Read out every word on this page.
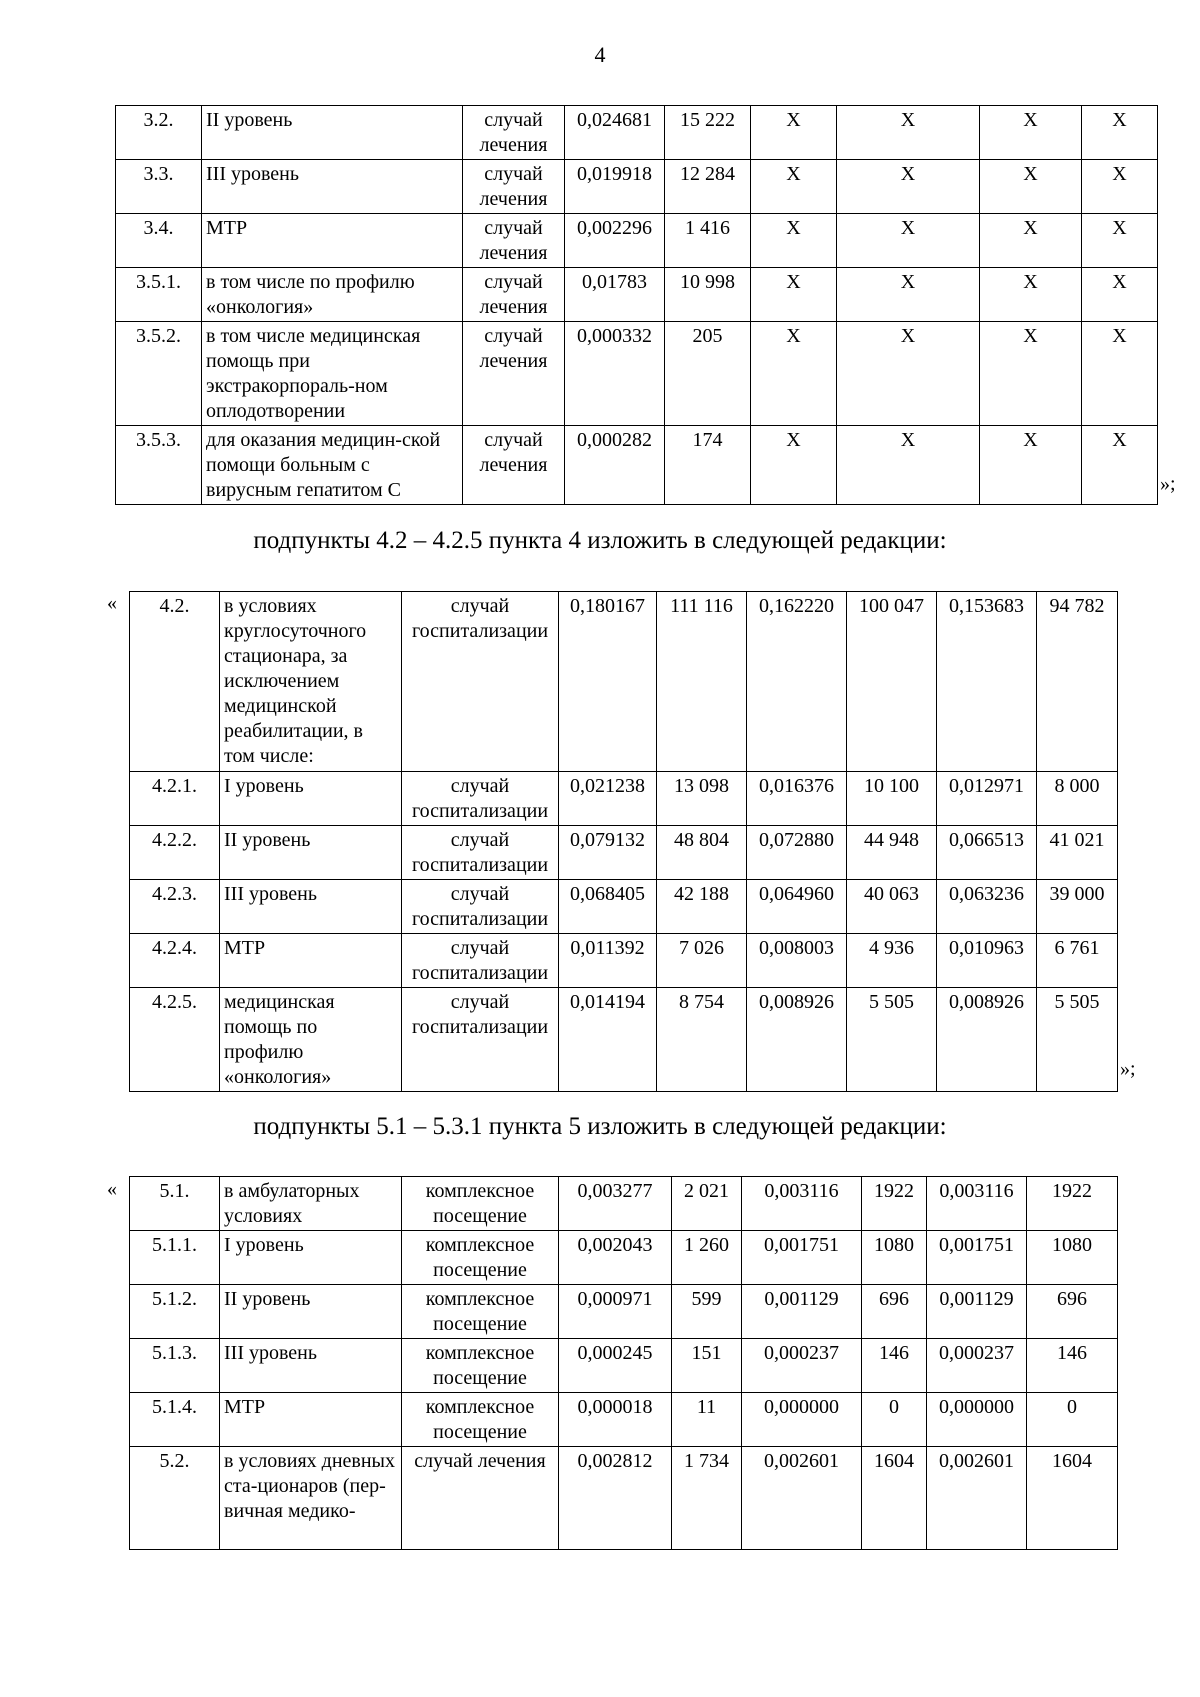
4
3.2.	II уровень	случай лечения	0,024681	15 222	X	X	X	X
3.3.	III уровень	случай лечения	0,019918	12 284	X	X	X	X
3.4.	МТР	случай лечения	0,002296	1 416	X	X	X	X
3.5.1.	в том числе по профилю «онкология»	случай лечения	0,01783	10 998	X	X	X	X
3.5.2.	в том числе медицинская помощь при экстракорпораль-ном оплодотворении	случай лечения	0,000332	205	X	X	X	X
3.5.3.	для оказания медицин-ской помощи больным с вирусным гепатитом С	случай лечения	0,000282	174	X	X	X	X
»;
подпункты 4.2 – 4.2.5 пункта 4 изложить в следующей редакции:
« 4.2.	в условиях круглосуточного стационара, за исключением медицинской реабилитации, в том числе:	случай госпитализации	0,180167	111 116	0,162220	100 047	0,153683	94 782
4.2.1.	I уровень	случай госпитализации	0,021238	13 098	0,016376	10 100	0,012971	8 000
4.2.2.	II уровень	случай госпитализации	0,079132	48 804	0,072880	44 948	0,066513	41 021
4.2.3.	III уровень	случай госпитализации	0,068405	42 188	0,064960	40 063	0,063236	39 000
4.2.4.	МТР	случай госпитализации	0,011392	7 026	0,008003	4 936	0,010963	6 761
4.2.5.	медицинская помощь по профилю «онкология»	случай госпитализации	0,014194	8 754	0,008926	5 505	0,008926	5 505
»;
подпункты 5.1 – 5.3.1 пункта 5 изложить в следующей редакции:
« 5.1.	в амбулаторных условиях	комплексное посещение	0,003277	2 021	0,003116	1922	0,003116	1922
5.1.1.	I уровень	комплексное посещение	0,002043	1 260	0,001751	1080	0,001751	1080
5.1.2.	II уровень	комплексное посещение	0,000971	599	0,001129	696	0,001129	696
5.1.3.	III уровень	комплексное посещение	0,000245	151	0,000237	146	0,000237	146
5.1.4.	МТР	комплексное посещение	0,000018	11	0,000000	0	0,000000	0
5.2.	в условиях дневных ста-ционаров (пер-вичная медико-	случай лечения	0,002812	1 734	0,002601	1604	0,002601	1604
